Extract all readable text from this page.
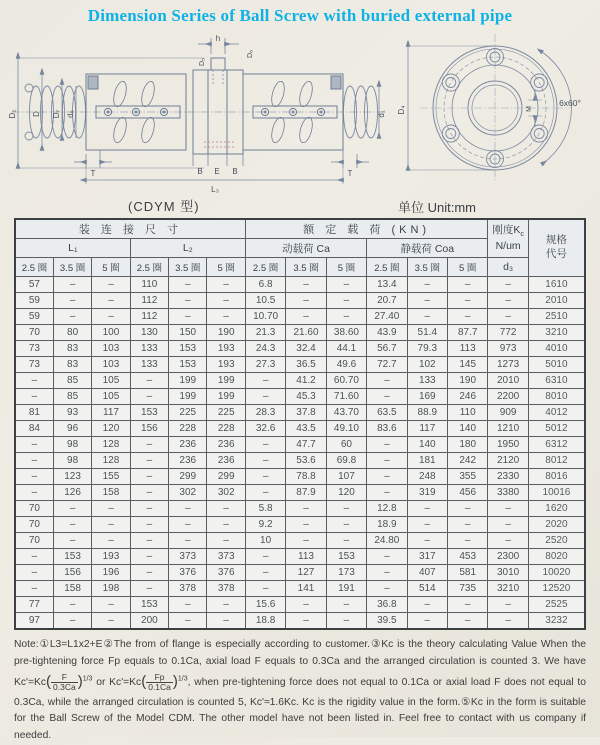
Dimension Series of Ball Screw with buried external pipe
h
D₅
D₆
D₂ D D₇ d₀	d₁
T	T
B E B
L₃
D₄	M
6x60°
(CDYM 型)	单位 Unit:mm
装 连 接 尺 寸	额 定 载 荷 (KN)	刚度$K_c$
N/um	规格
代号

L₁			L₂			动载荷 Ca			静载荷 Coa				
2.5 圈	3.5 圈	5 圈	2.5 圈	3.5 圈	5 圈	2.5 圈	3.5 圈	5 圈	2.5 圈	3.5 圈	5 圈	d₃	
57	–	–	110	–	–	6.8	–	–	13.4	–	–	–	1610
59	–	–	112	–	–	10.5	–	–	20.7	–	–	–	2010
59	–	–	112	–	–	10.70	–	–	27.40	–	–	–	2510
70	80	100	130	150	190	21.3	21.60	38.60	43.9	51.4	87.7	772	3210
73	83	103	133	153	193	24.3	32.4	44.1	56.7	79.3	113	973	4010
73	83	103	133	153	193	27.3	36.5	49.6	72.7	102	145	1273	5010
–	85	105	–	199	199	–	41.2	60.70	–	133	190	2010	6310
–	85	105	–	199	199	–	45.3	71.60	–	169	246	2200	8010
81	93	117	153	225	225	28.3	37.8	43.70	63.5	88.9	110	909	4012
84	96	120	156	228	228	32.6	43.5	49.10	83.6	117	140	1210	5012
–	98	128	–	236	236	–	47.7	60	–	140	180	1950	6312
–	98	128	–	236	236	–	53.6	69.8	–	181	242	2120	8012
–	123	155	–	299	299	–	78.8	107	–	248	355	2330	8016
–	126	158	–	302	302	–	87.9	120	–	319	456	3380	10016
70	–	–	–	–	–	5.8	–	–	12.8	–	–	–	1620
70	–	–	–	–	–	9.2	–	–	18.9	–	–	–	2020
70	–	–	–	–	–	10	–	–	24.80	–	–	–	2520
–	153	193	–	373	373	–	113	153	–	317	453	2300	8020
–	156	196	–	376	376	–	127	173	–	407	581	3010	10020
–	158	198	–	378	378	–	141	191	–	514	735	3210	12520
77	–	–	153	–	–	15.6	–	–	36.8	–	–	–	2525
97	–	–	200	–	–	18.8	–	–	39.5	–	–	–	3232

Note:①L3=L1x2+E②The from of flange is especially according to customer.③Kc is the theory calculating Value When the pre-tightening force Fp equals to 0.1Ca, axial load F equals to 0.3Ca and the arranged circulation is counted 3. We have $Kc'=Kc( \frac{F}{0.3Ca} )^{1/3}$ or $Kc'=Kc( \frac{Fp}{0.1Ca} )^{1/3}$, when pre-tightening force does not equal to 0.1Ca or axial load F does not equal to 0.3Ca, while the arranged circulation is counted 5, Kc'≈1.6Kc. Kc is the rigidity value in the form.⑤Kc in the form is suitable for the Ball Screw of the Model CDM. The other model have not been listed in. Feel free to contact with us company if needed.
